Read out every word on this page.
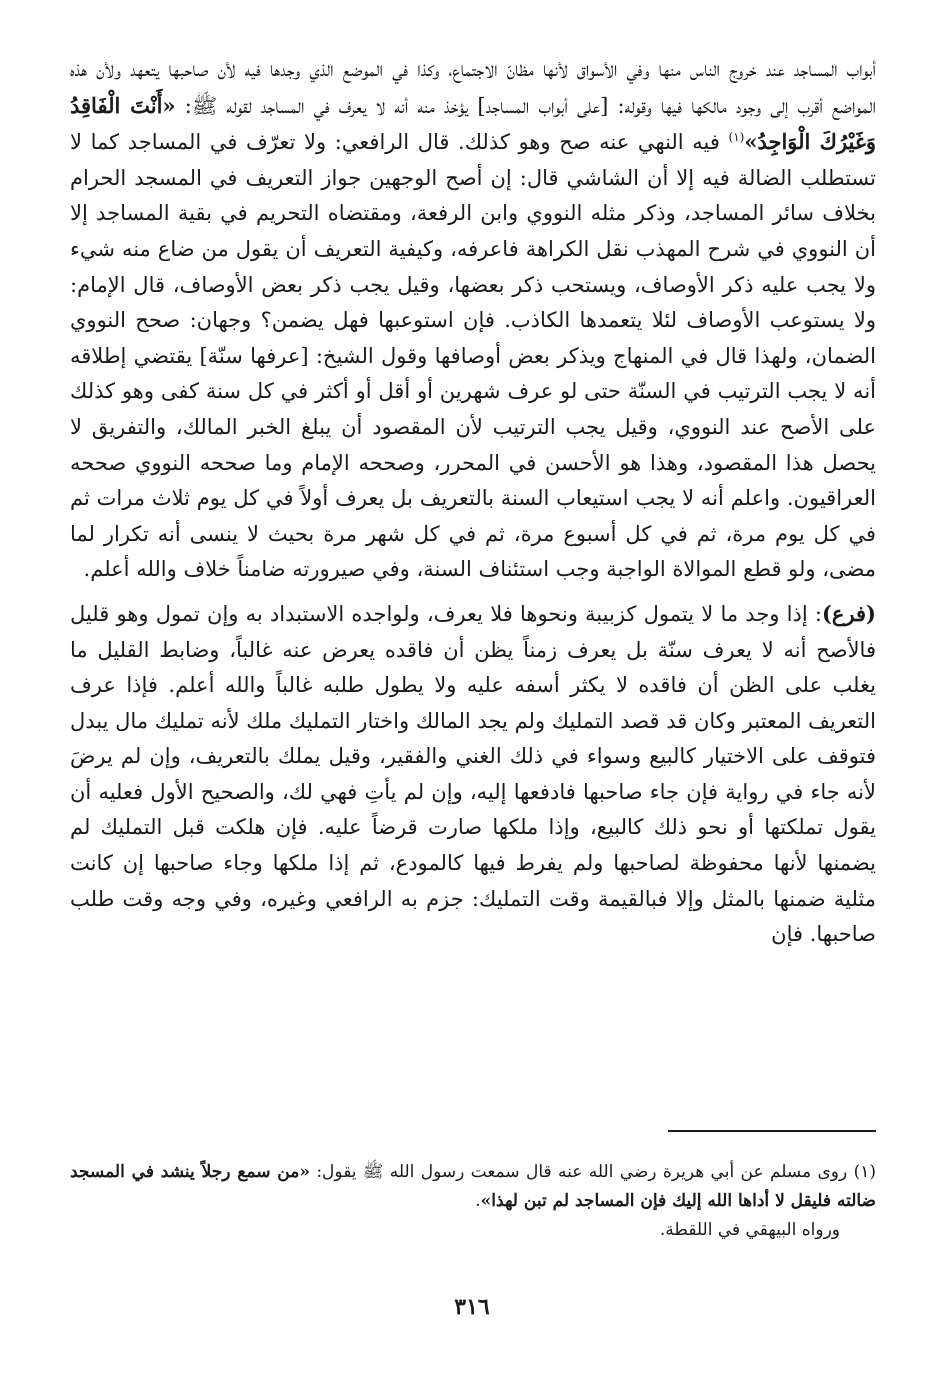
أبواب المساجد عند خروج الناس منها وفي الأسواق لأنها مظانّ الاجتماع، وكذا في الموضع الذي وجدها فيه لأن صاحبها يتعهد ولأن هذه المواضع أقرب إلى وجود مالكها فيها وقوله: [على أبواب المساجد] يؤخذ منه أنه لا يعرف في المساجد لقوله ﷺ: «أَنْتَ الْفَاقِدُ وَغَيْرُكَ الْوَاجِدُ»$^{(١)}$ فيه النهي عنه صح وهو كذلك. قال الرافعي: ولا تعرّف في المساجد كما لا تستطلب الضالة فيه إلا أن الشاشي قال: إن أصح الوجهين جواز التعريف في المسجد الحرام بخلاف سائر المساجد، وذكر مثله النووي وابن الرفعة، ومقتضاه التحريم في بقية المساجد إلا أن النووي في شرح المهذب نقل الكراهة فاعرفه، وكيفية التعريف أن يقول من ضاع منه شيء ولا يجب عليه ذكر الأوصاف، ويستحب ذكر بعضها، وقيل يجب ذكر بعض الأوصاف، قال الإمام: ولا يستوعب الأوصاف لئلا يتعمدها الكاذب. فإن استوعبها فهل يضمن؟ وجهان: صحح النووي الضمان، ولهذا قال في المنهاج ويذكر بعض أوصافها وقول الشيخ: [عرفها سنّة] يقتضي إطلاقه أنه لا يجب الترتيب في السنّة حتى لو عرف شهرين أو أقل أو أكثر في كل سنة كفى وهو كذلك على الأصح عند النووي، وقيل يجب الترتيب لأن المقصود أن يبلغ الخبر المالك، والتفريق لا يحصل هذا المقصود، وهذا هو الأحسن في المحرر، وصححه الإمام وما صححه النووي صححه العراقيون. واعلم أنه لا يجب استيعاب السنة بالتعريف بل يعرف أولاً في كل يوم ثلاث مرات ثم في كل يوم مرة، ثم في كل أسبوع مرة، ثم في كل شهر مرة بحيث لا ينسى أنه تكرار لما مضى، ولو قطع الموالاة الواجبة وجب استئناف السنة، وفي صيرورته ضامناً خلاف والله أعلم.

(فرع): إذا وجد ما لا يتمول كزبيبة ونحوها فلا يعرف، ولواجده الاستبداد به وإن تمول وهو قليل فالأصح أنه لا يعرف سنّة بل يعرف زمناً يظن أن فاقده يعرض عنه غالباً، وضابط القليل ما يغلب على الظن أن فاقده لا يكثر أسفه عليه ولا يطول طلبه غالباً والله أعلم. فإذا عرف التعريف المعتبر وكان قد قصد التمليك ولم يجد المالك واختار التمليك ملك لأنه تمليك مال يبدل فتوقف على الاختيار كالبيع وسواء في ذلك الغني والفقير، وقيل يملك بالتعريف، وإن لم يرضَ لأنه جاء في رواية فإن جاء صاحبها فادفعها إليه، وإن لم يأتِ فهي لك، والصحيح الأول فعليه أن يقول تملكتها أو نحو ذلك كالبيع، وإذا ملكها صارت قرضاً عليه. فإن هلكت قبل التمليك لم يضمنها لأنها محفوظة لصاحبها ولم يفرط فيها كالمودع، ثم إذا ملكها وجاء صاحبها إن كانت مثلية ضمنها بالمثل وإلا فبالقيمة وقت التمليك: جزم به الرافعي وغيره، وفي وجه وقت طلب صاحبها. فإن

(١) روى مسلم عن أبي هريرة رضي الله عنه قال سمعت رسول الله ﷺ يقول: «من سمع رجلاً ينشد في المسجد ضالته فليقل لا أداها الله إليك فإن المساجد لم تبن لهذا».

ورواه البيهقي في اللقطة.

٣١٦
